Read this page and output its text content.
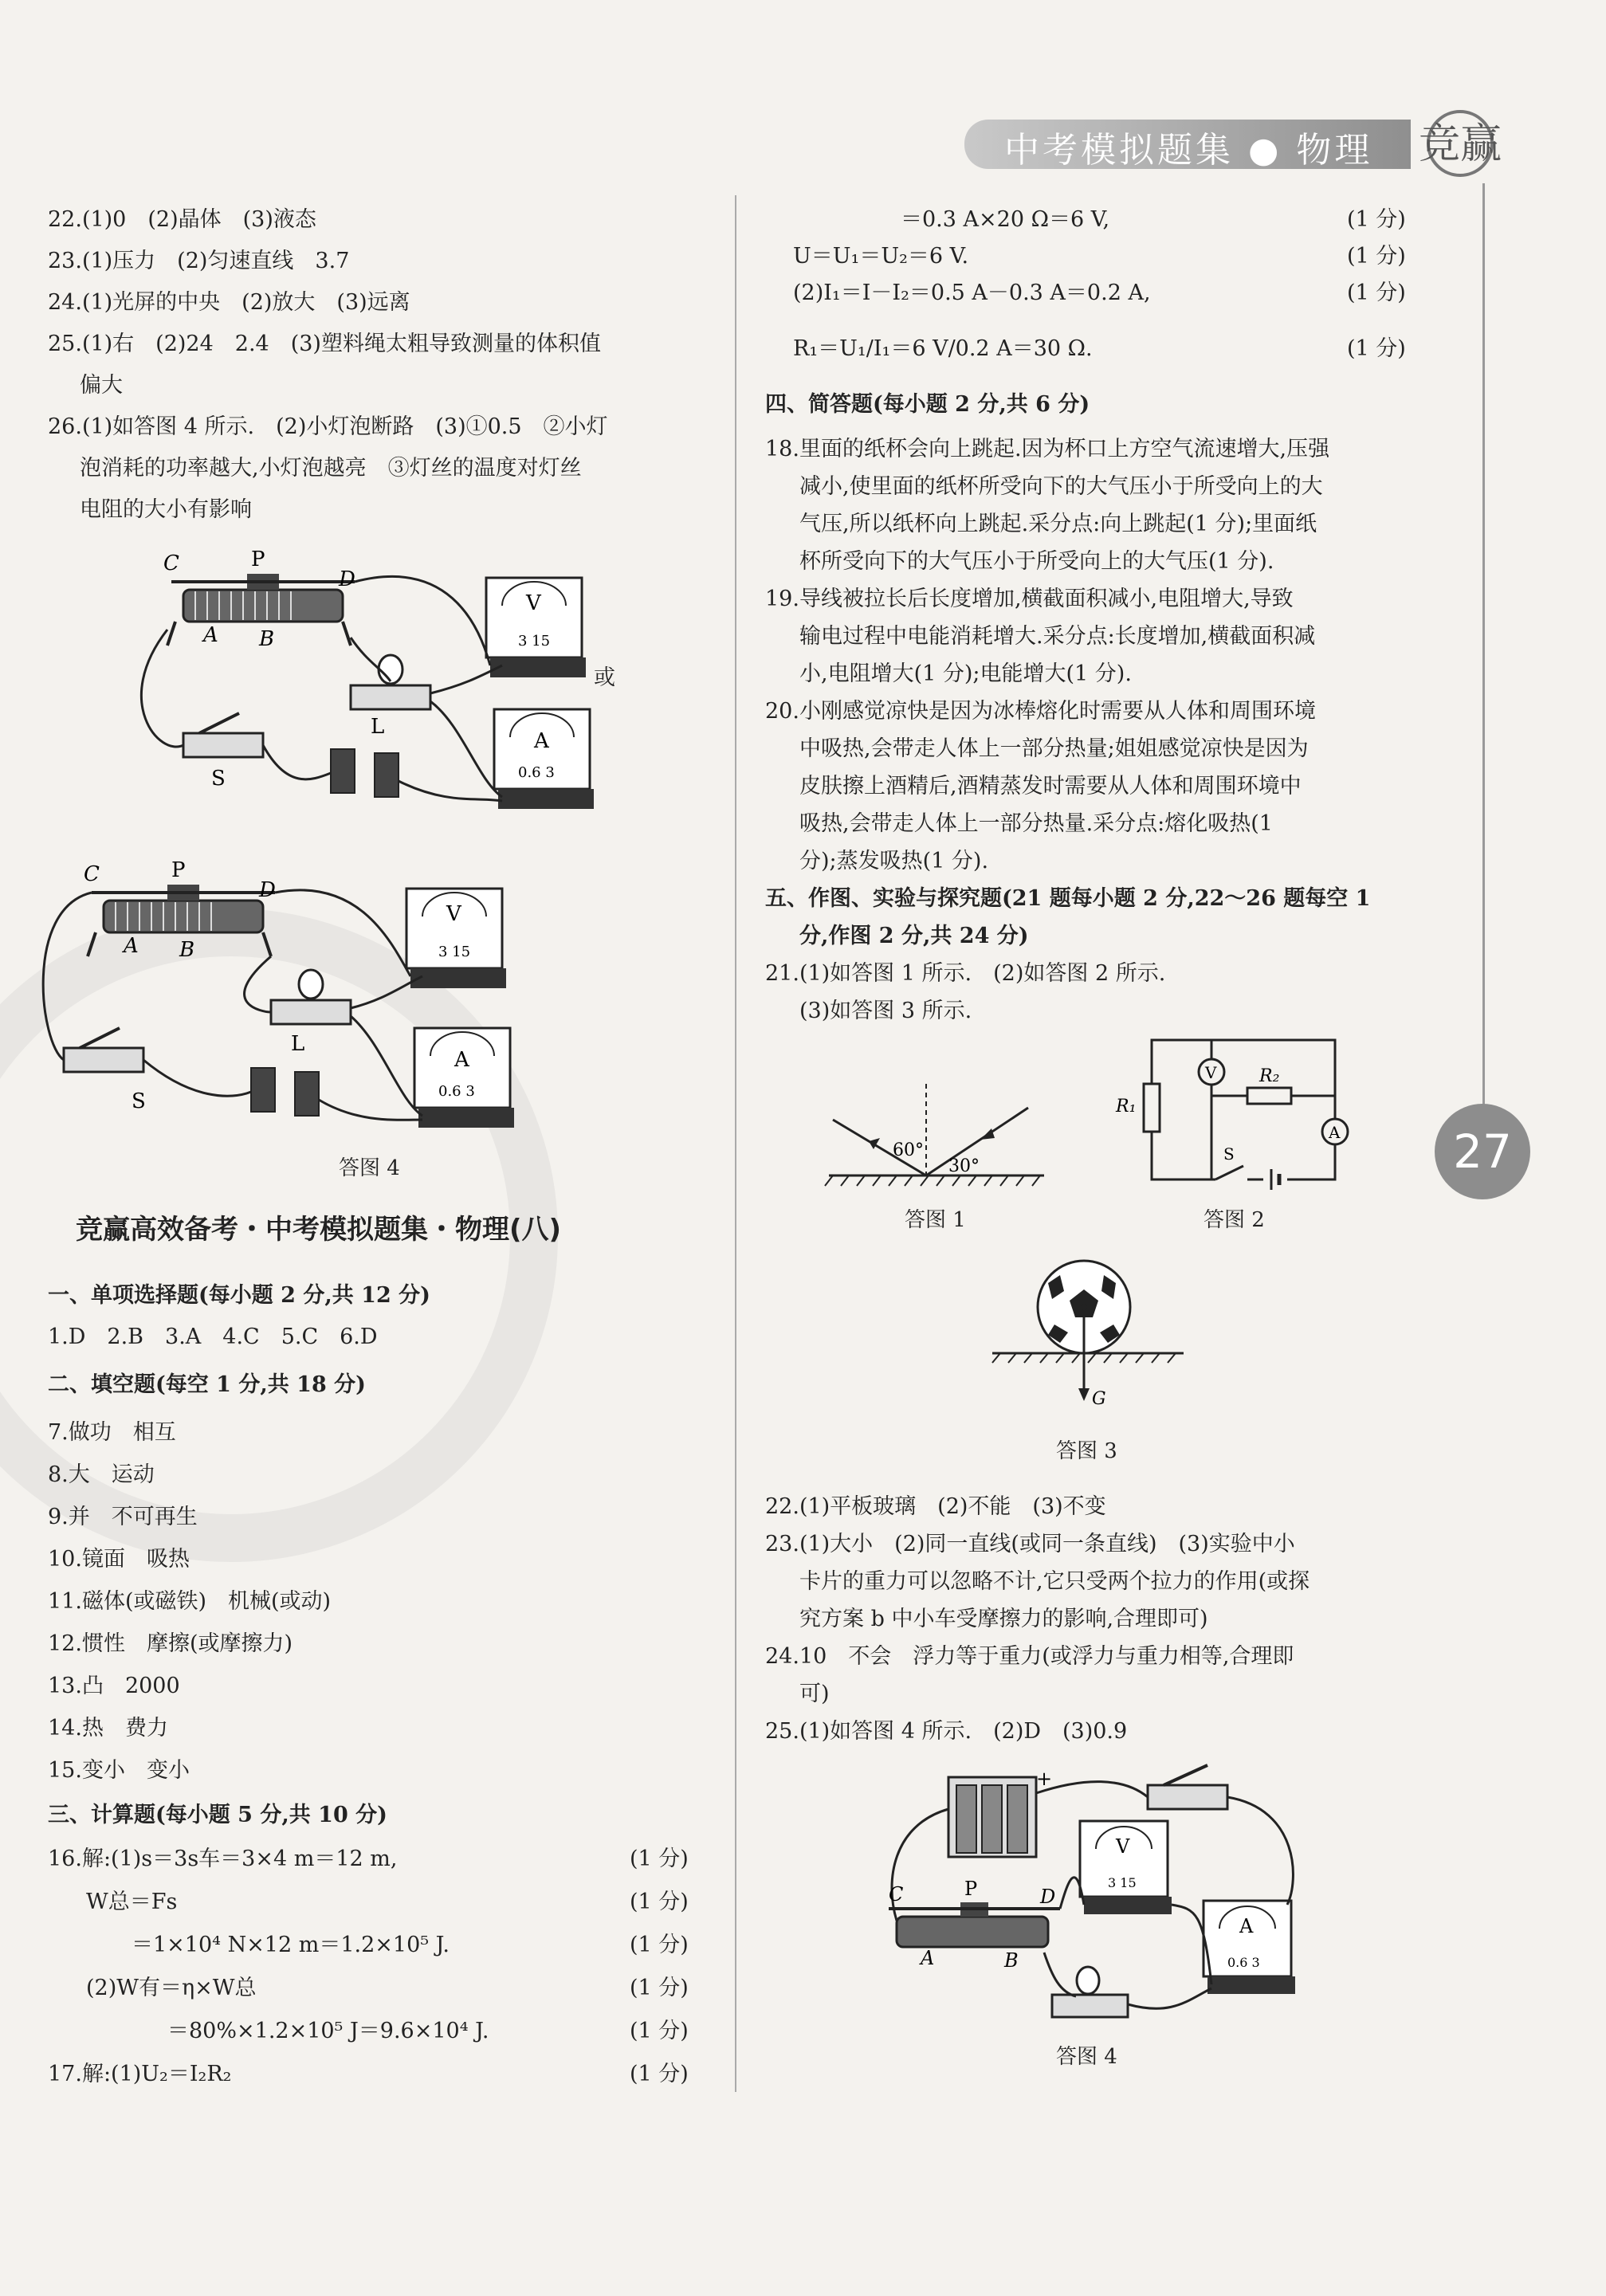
中考模拟题集 ● 物理 竞赢
27
22.(1)0　(2)晶体　(3)液态
23.(1)压力　(2)匀速直线　3.7
24.(1)光屏的中央　(2)放大　(3)远离
25.(1)右　(2)24　2.4　(3)塑料绳太粗导致测量的体积值
偏大
26.(1)如答图 4 所示.　(2)小灯泡断路　(3)①0.5　②小灯
泡消耗的功率越大,小灯泡越亮　③灯丝的温度对灯丝
电阻的大小有影响
C	P
D
A B
L
S
V
3 15
A
0.6 3
或
C	P
D
A B
L
S
V
3 15
A
0.6 3
答图 4
竞赢高效备考・中考模拟题集・物理(八)
一、单项选择题(每小题 2 分,共 12 分)
1.D　2.B　3.A　4.C　5.C　6.D
二、填空题(每空 1 分,共 18 分)
7.做功　相互
8.大　运动
9.并　不可再生
10.镜面　吸热
11.磁体(或磁铁)　机械(或动)
12.惯性　摩擦(或摩擦力)
13.凸　2000
14.热　费力
15.变小　变小
三、计算题(每小题 5 分,共 10 分)
16.解:(1)s＝3s车＝3×4 m＝12 m,	(1 分)
W总＝Fs	(1 分)
＝1×10⁴ N×12 m＝1.2×10⁵ J.	(1 分)
(2)W有＝η×W总	(1 分)
＝80%×1.2×10⁵ J＝9.6×10⁴ J.	(1 分)
17.解:(1)U₂＝I₂R₂	(1 分)
＝0.3 A×20 Ω＝6 V,	(1 分)
U＝U₁＝U₂＝6 V.	(1 分)
(2)I₁＝I－I₂＝0.5 A－0.3 A＝0.2 A,	(1 分)
R₁＝U₁/I₁＝6 V/0.2 A＝30 Ω.	(1 分)
四、简答题(每小题 2 分,共 6 分)
18.里面的纸杯会向上跳起.因为杯口上方空气流速增大,压强
减小,使里面的纸杯所受向下的大气压小于所受向上的大
气压,所以纸杯向上跳起.采分点:向上跳起(1 分);里面纸
杯所受向下的大气压小于所受向上的大气压(1 分).
19.导线被拉长后长度增加,横截面积减小,电阻增大,导致
输电过程中电能消耗增大.采分点:长度增加,横截面积减
小,电阻增大(1 分);电能增大(1 分).
20.小刚感觉凉快是因为冰棒熔化时需要从人体和周围环境
中吸热,会带走人体上一部分热量;姐姐感觉凉快是因为
皮肤擦上酒精后,酒精蒸发时需要从人体和周围环境中
吸热,会带走人体上一部分热量.采分点:熔化吸热(1
分);蒸发吸热(1 分).
五、作图、实验与探究题(21 题每小题 2 分,22～26 题每空 1
分,作图 2 分,共 24 分)
21.(1)如答图 1 所示.　(2)如答图 2 所示.
(3)如答图 3 所示.
60°
30°
答图 1
R₁
R₂
V
A
S
答图 2
G
答图 3
22.(1)平板玻璃　(2)不能　(3)不变
23.(1)大小　(2)同一直线(或同一条直线)　(3)实验中小
卡片的重力可以忽略不计,它只受两个拉力的作用(或探
究方案 b 中小车受摩擦力的影响,合理即可)
24.10　不会　浮力等于重力(或浮力与重力相等,合理即
可)
25.(1)如答图 4 所示.　(2)D　(3)0.9
C	P	D
A	B
V
3 15
A
0.6 3
+
答图 4
